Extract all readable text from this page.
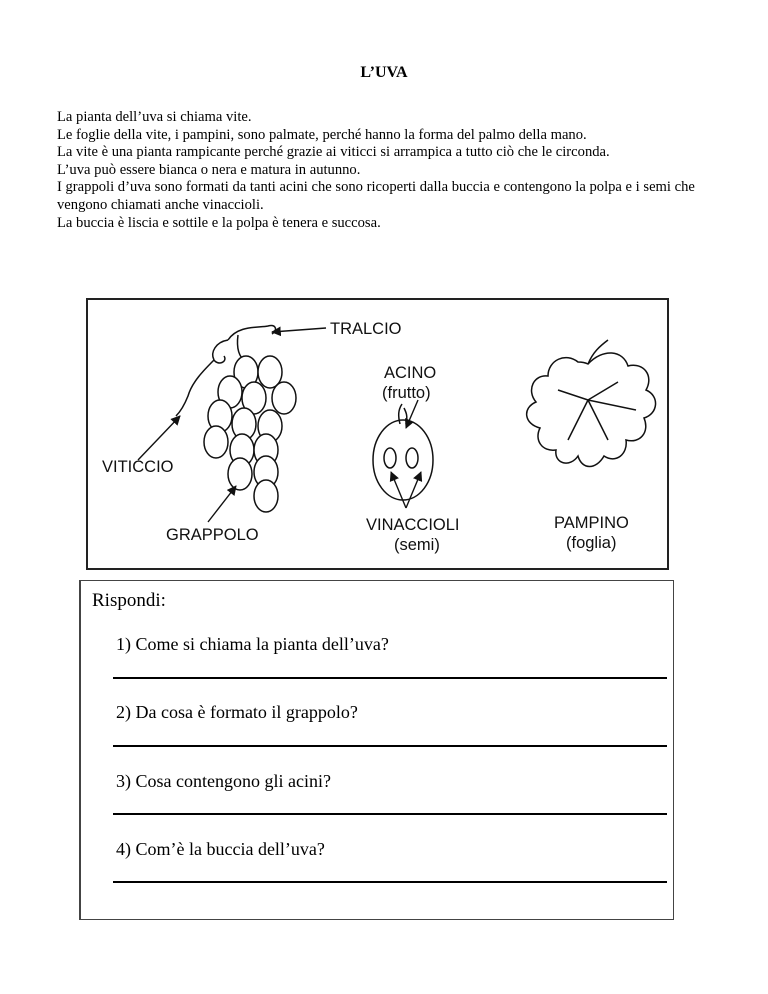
L’UVA

La pianta dell’uva si chiama vite.

Le foglie della vite, i pampini, sono palmate, perché hanno la forma del palmo della mano.

La vite è una pianta rampicante perché grazie ai viticci si arrampica a tutto ciò che le circonda.

L’uva può essere bianca o nera e matura in autunno.

I grappoli d’uva sono formati da tanti acini che sono ricoperti dalla buccia e contengono la polpa e i semi che vengono chiamati anche vinaccioli.

La buccia è liscia e sottile e la polpa è tenera e succosa.

TRALCIO
ACINO
(frutto)
VITICCIO
GRAPPOLO
VINACCIOLI
(semi)
PAMPINO
(foglia)
Rispondi:
1) Come si chiama la pianta dell’uva?
2) Da cosa è formato il grappolo?
3) Cosa contengono gli acini?
4) Com’è la buccia dell’uva?
